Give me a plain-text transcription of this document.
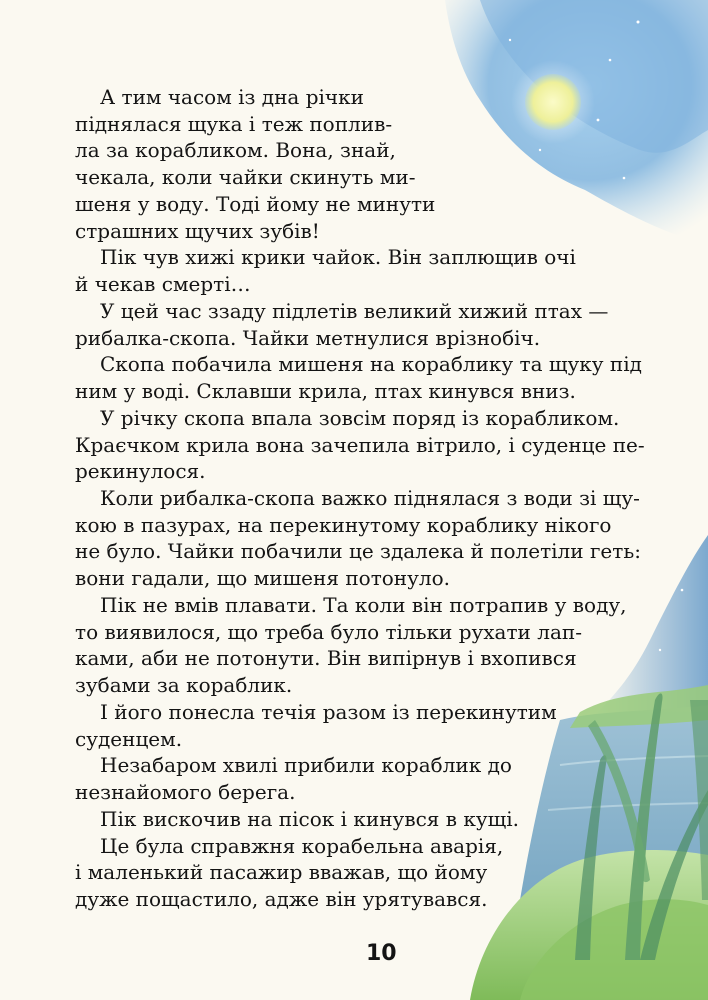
А тим часом із дна річки

піднялася щука і теж поплив-

ла за корабликом. Вона, знай,

чекала, коли чайки скинуть ми-

шеня у воду. Тоді йому не минути

страшних щучих зубів!

Пік чув хижі крики чайок. Він заплющив очі

й чекав смерті…

У цей час ззаду підлетів великий хижий птах —

рибалка-скопа. Чайки метнулися врізнобіч.

Скопа побачила мишеня на кораблику та щуку під

ним у воді. Склавши крила, птах кинувся вниз.

У річку скопа впала зовсім поряд із корабликом.

Краєчком крила вона зачепила вітрило, і суденце пе-

рекинулося.

Коли рибалка-скопа важко піднялася з води зі щу-

кою в пазурах, на перекинутому кораблику нікого

не було. Чайки побачили це здалека й полетіли геть:

вони гадали, що мишеня потонуло.

Пік не вмів плавати. Та коли він потрапив у воду,

то виявилося, що треба було тільки рухати лап-

ками, аби не потонути. Він випірнув і вхопився

зубами за кораблик.

І його понесла течія разом із перекинутим

суденцем.

Незабаром хвилі прибили кораблик до

незнайомого берега.

Пік вискочив на пісок і кинувся в кущі.

Це була справжня корабельна аварія,

і маленький пасажир вважав, що йому

дуже пощастило, адже він урятувався.

10
